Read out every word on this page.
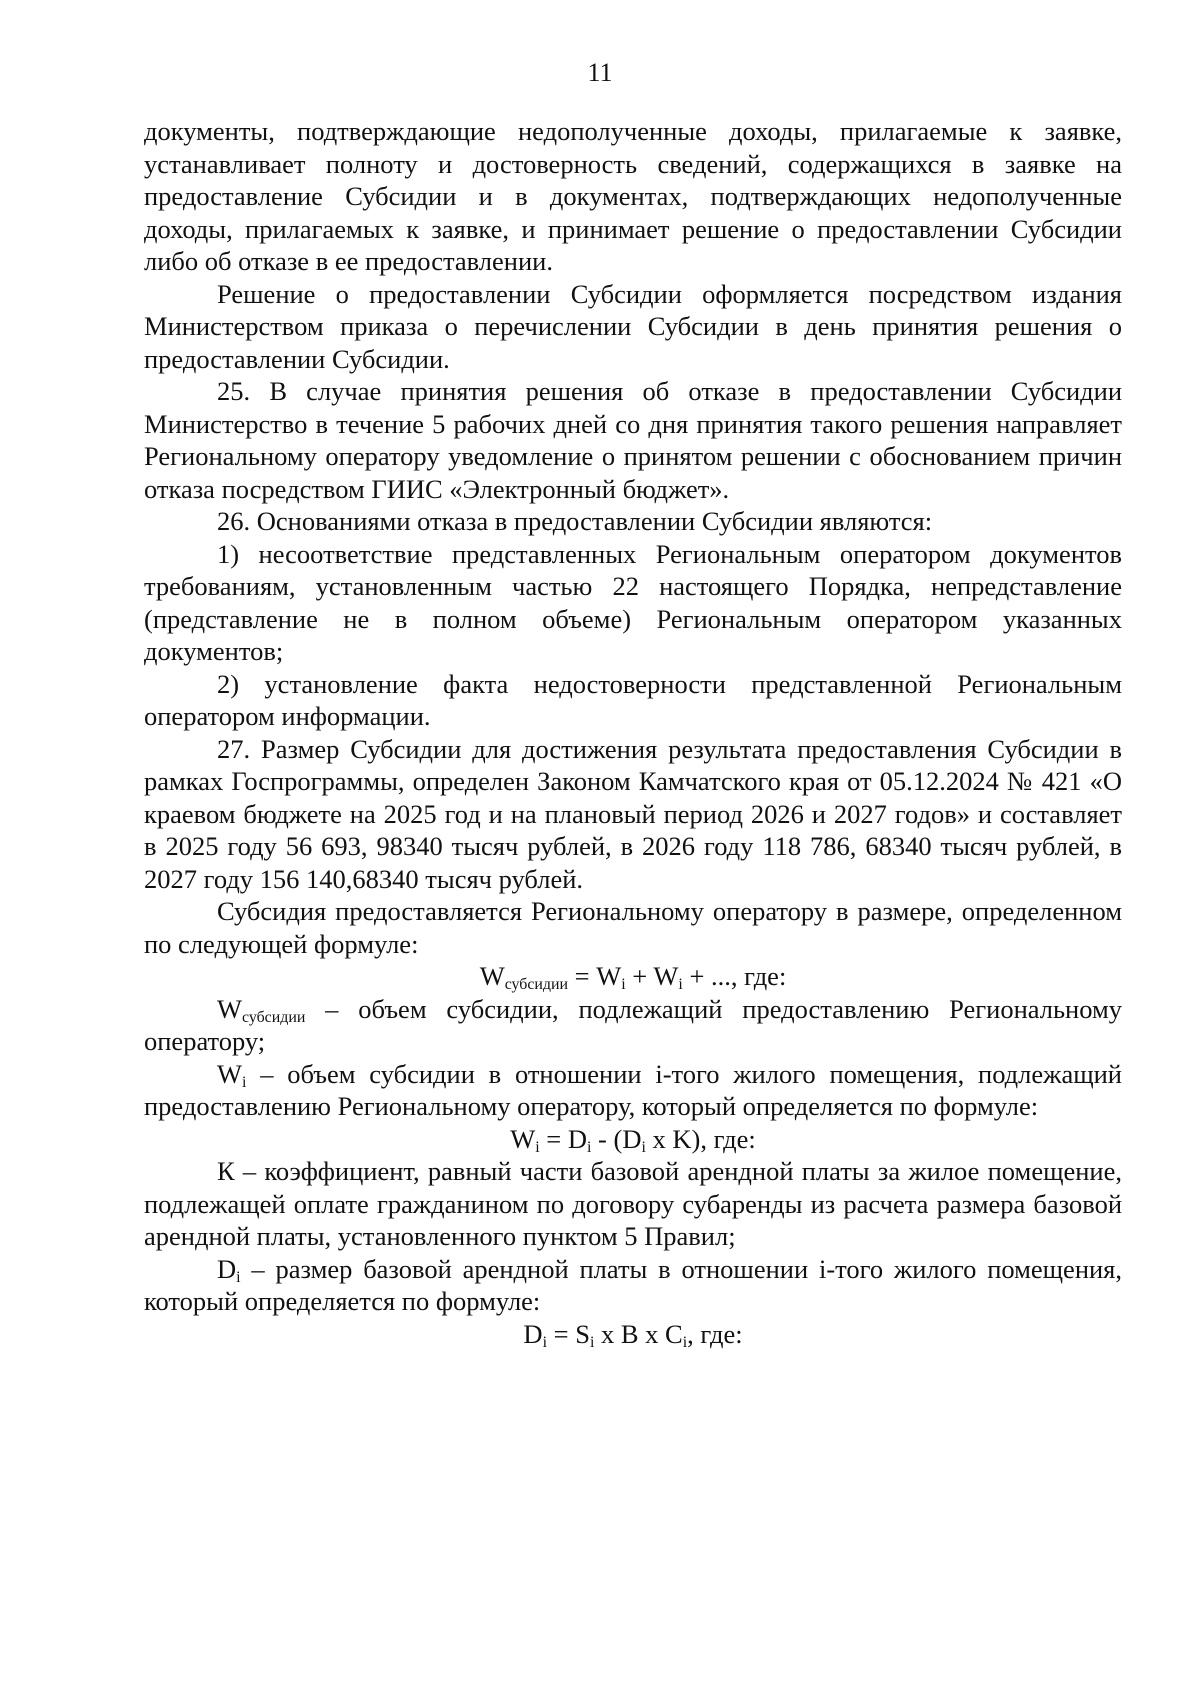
11

документы, подтверждающие недополученные доходы, прилагаемые к заявке, устанавливает полноту и достоверность сведений, содержащихся в заявке на предоставление Субсидии и в документах, подтверждающих недополученные доходы, прилагаемых к заявке, и принимает решение о предоставлении Субсидии либо об отказе в ее предоставлении.

Решение о предоставлении Субсидии оформляется посредством издания Министерством приказа о перечислении Субсидии в день принятия решения о предоставлении Субсидии.

25. В случае принятия решения об отказе в предоставлении Субсидии Министерство в течение 5 рабочих дней со дня принятия такого решения направляет Региональному оператору уведомление о принятом решении с обоснованием причин отказа посредством ГИИС «Электронный бюджет».

26. Основаниями отказа в предоставлении Субсидии являются:

1) несоответствие представленных Региональным оператором документов требованиям, установленным частью 22 настоящего Порядка, непредставление (представление не в полном объеме) Региональным оператором указанных документов;

2) установление факта недостоверности представленной Региональным оператором информации.

27. Размер Субсидии для достижения результата предоставления Субсидии в рамках Госпрограммы, определен Законом Камчатского края от 05.12.2024 № 421 «О краевом бюджете на 2025 год и на плановый период 2026 и 2027 годов» и составляет в 2025 году 56 693, 98340 тысяч рублей, в 2026 году 118 786, 68340 тысяч рублей, в 2027 году 156 140,68340 тысяч рублей.

Субсидия предоставляется Региональному оператору в размере, определенном по следующей формуле:

$W_{субсидии} = W_i + W_i$ + ..., где:

$W_{субсидии}$ – объем субсидии, подлежащий предоставлению Региональному оператору;

$W_i$ – объем субсидии в отношении i-того жилого помещения, подлежащий предоставлению Региональному оператору, который определяется по формуле:

$W_i = D_i - (D_i$ x K), где:

К – коэффициент, равный части базовой арендной платы за жилое помещение, подлежащей оплате гражданином по договору субаренды из расчета размера базовой арендной платы, установленного пунктом 5 Правил;

$D_i$ – размер базовой арендной платы в отношении i-того жилого помещения, который определяется по формуле:

$D_i = S_i$ x B x $C_i$, где:
